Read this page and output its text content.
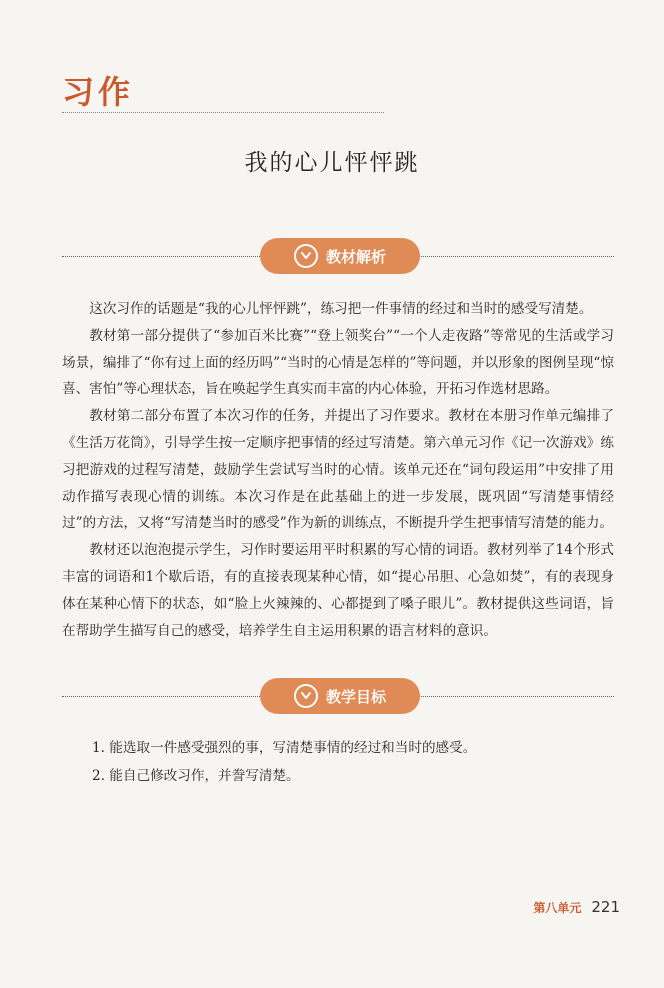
习作
我的心儿怦怦跳
教材解析

这次习作的话题是“我的心儿怦怦跳”，练习把一件事情的经过和当时的感受写清楚。

教材第一部分提供了“参加百米比赛”“登上领奖台”“一个人走夜路”等常见的生活或学习场景，编排了“你有过上面的经历吗”“当时的心情是怎样的”等问题，并以形象的图例呈现“惊喜、害怕”等心理状态，旨在唤起学生真实而丰富的内心体验，开拓习作选材思路。

教材第二部分布置了本次习作的任务，并提出了习作要求。教材在本册习作单元编排了《生活万花筒》，引导学生按一定顺序把事情的经过写清楚。第六单元习作《记一次游戏》练习把游戏的过程写清楚，鼓励学生尝试写当时的心情。该单元还在“词句段运用”中安排了用动作描写表现心情的训练。本次习作是在此基础上的进一步发展，既巩固“写清楚事情经过”的方法，又将“写清楚当时的感受”作为新的训练点，不断提升学生把事情写清楚的能力。

教材还以泡泡提示学生，习作时要运用平时积累的写心情的词语。教材列举了14个形式丰富的词语和1个歇后语，有的直接表现某种心情，如“提心吊胆、心急如焚”，有的表现身体在某种心情下的状态，如“脸上火辣辣的、心都提到了嗓子眼儿”。教材提供这些词语，旨在帮助学生描写自己的感受，培养学生自主运用积累的语言材料的意识。

教学目标

1. 能选取一件感受强烈的事，写清楚事情的经过和当时的感受。

2. 能自己修改习作，并誊写清楚。

第八单元 221
